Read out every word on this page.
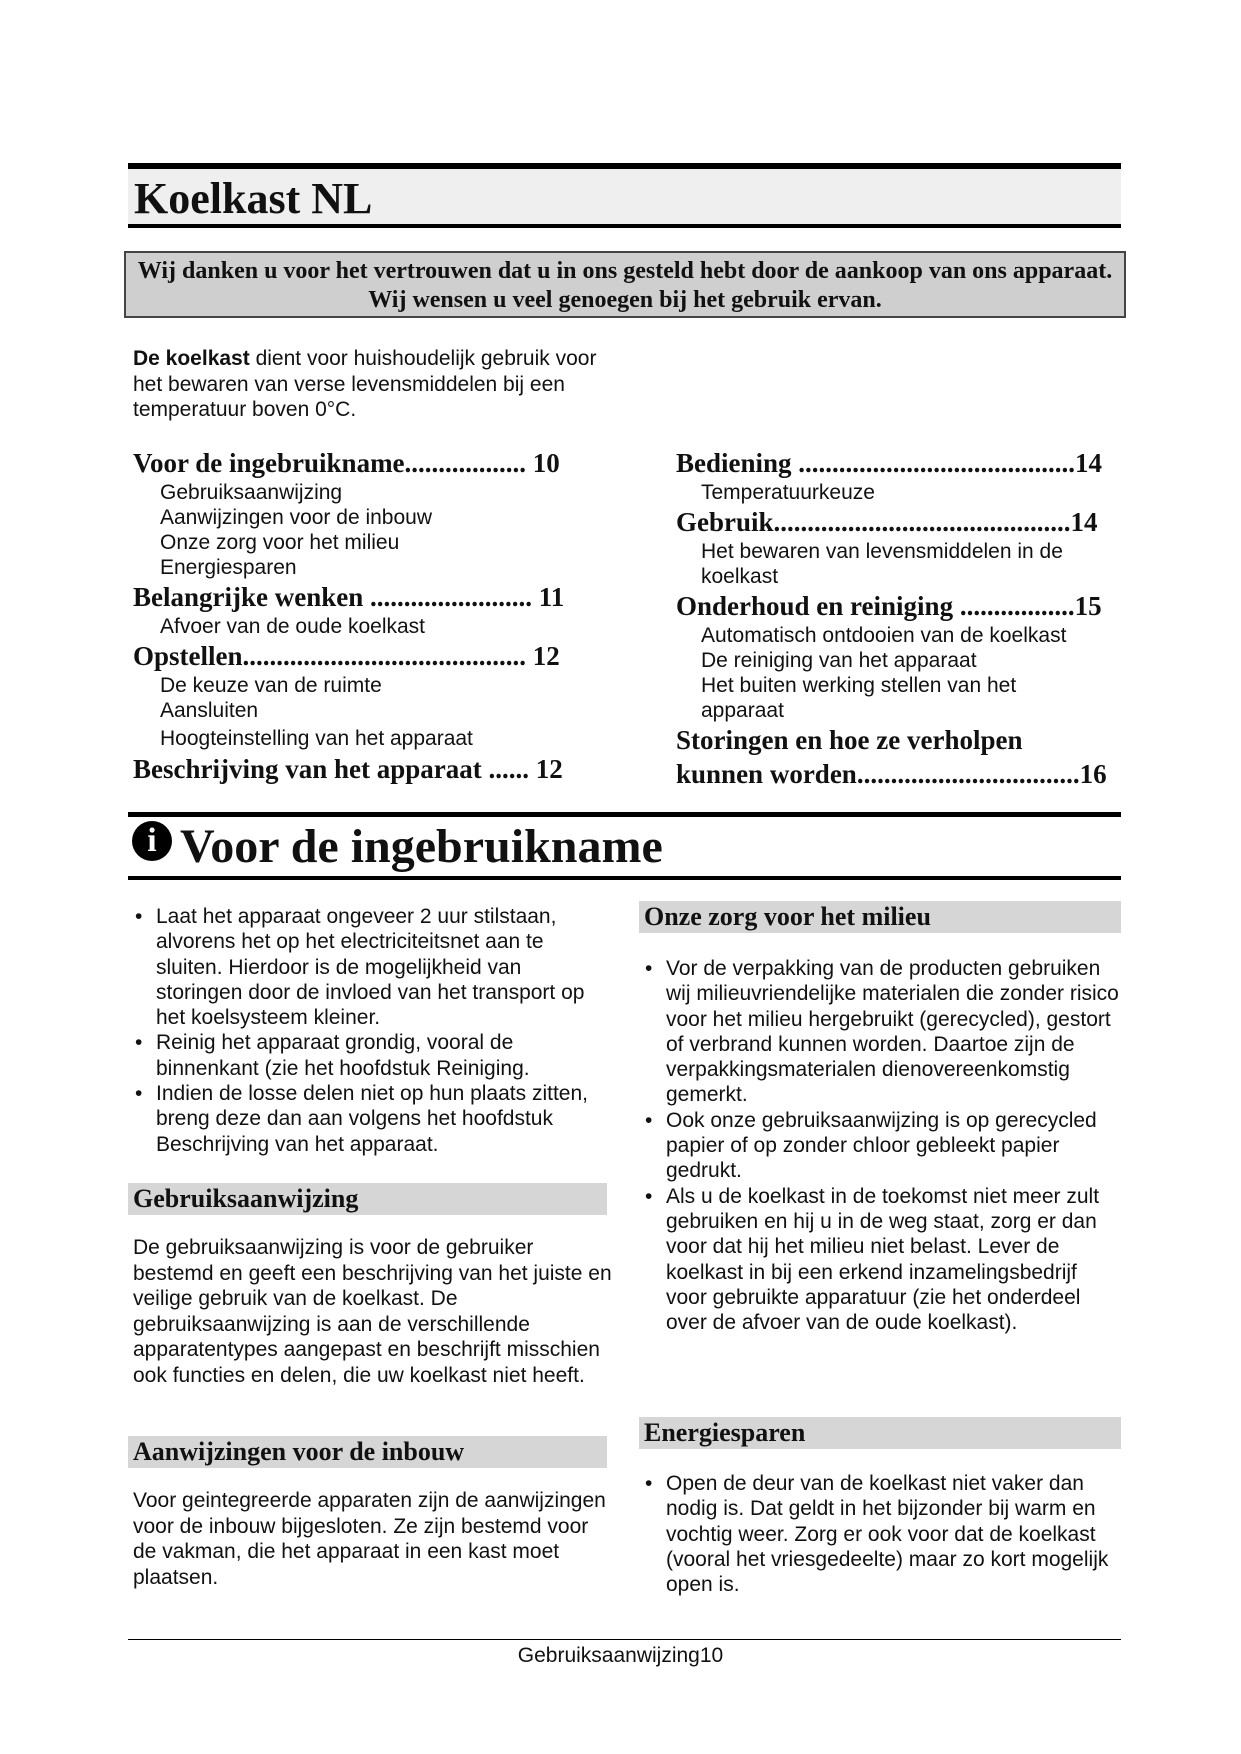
Koelkast NL
Wij danken u voor het vertrouwen dat u in ons gesteld hebt door de aankoop van ons apparaat. Wij wensen u veel genoegen bij het gebruik ervan.
De koelkast dient voor huishoudelijk gebruik voor het bewaren van verse levensmiddelen bij een temperatuur boven 0°C.
Voor de ingebruikname.................. 10
Gebruiksaanwijzing
Aanwijzingen voor de inbouw
Onze zorg voor het milieu
Energiesparen
Belangrijke wenken ........................ 11
Afvoer van de oude koelkast
Opstellen.......................................... 12
De keuze van de ruimte
Aansluiten
Hoogteinstelling van het apparaat
Beschrijving van het apparaat ...... 12
Bediening .........................................14
Temperatuurkeuze
Gebruik............................................14
Het bewaren van levensmiddelen in de
koelkast
Onderhoud en reiniging .................15
Automatisch ontdooien van de koelkast
De reiniging van het apparaat
Het buiten werking stellen van het
apparaat
Storingen en hoe ze verholpen
kunnen worden.................................16
i Voor de ingebruikname
• Laat het apparaat ongeveer 2 uur stilstaan, alvorens het op het electriciteitsnet aan te sluiten. Hierdoor is de mogelijkheid van storingen door de invloed van het transport op het koelsysteem kleiner.
• Reinig het apparaat grondig, vooral de binnenkant (zie het hoofdstuk Reiniging.
• Indien de losse delen niet op hun plaats zitten, breng deze dan aan volgens het hoofdstuk Beschrijving van het apparaat.
Gebruiksaanwijzing
De gebruiksaanwijzing is voor de gebruiker bestemd en geeft een beschrijving van het juiste en veilige gebruik van de koelkast. De gebruiksaanwijzing is aan de verschillende apparatentypes aangepast en beschrijft misschien ook functies en delen, die uw koelkast niet heeft.
Aanwijzingen voor de inbouw
Voor geintegreerde apparaten zijn de aanwijzingen voor de inbouw bijgesloten. Ze zijn bestemd voor de vakman, die het apparaat in een kast moet plaatsen.
Onze zorg voor het milieu
• Vor de verpakking van de producten gebruiken wij milieuvriendelijke materialen die zonder risico voor het milieu hergebruikt (gerecycled), gestort of verbrand kunnen worden. Daartoe zijn de verpakkingsmaterialen dienovereenkomstig gemerkt.
• Ook onze gebruiksaanwijzing is op gerecycled papier of op zonder chloor gebleekt papier gedrukt.
• Als u de koelkast in de toekomst niet meer zult gebruiken en hij u in de weg staat, zorg er dan voor dat hij het milieu niet belast. Lever de koelkast in bij een erkend inzamelingsbedrijf voor gebruikte apparatuur (zie het onderdeel over de afvoer van de oude koelkast).
Energiesparen
• Open de deur van de koelkast niet vaker dan nodig is. Dat geldt in het bijzonder bij warm en vochtig weer. Zorg er ook voor dat de koelkast (vooral het vriesgedeelte) maar zo kort mogelijk open is.
Gebruiksaanwijzing10
